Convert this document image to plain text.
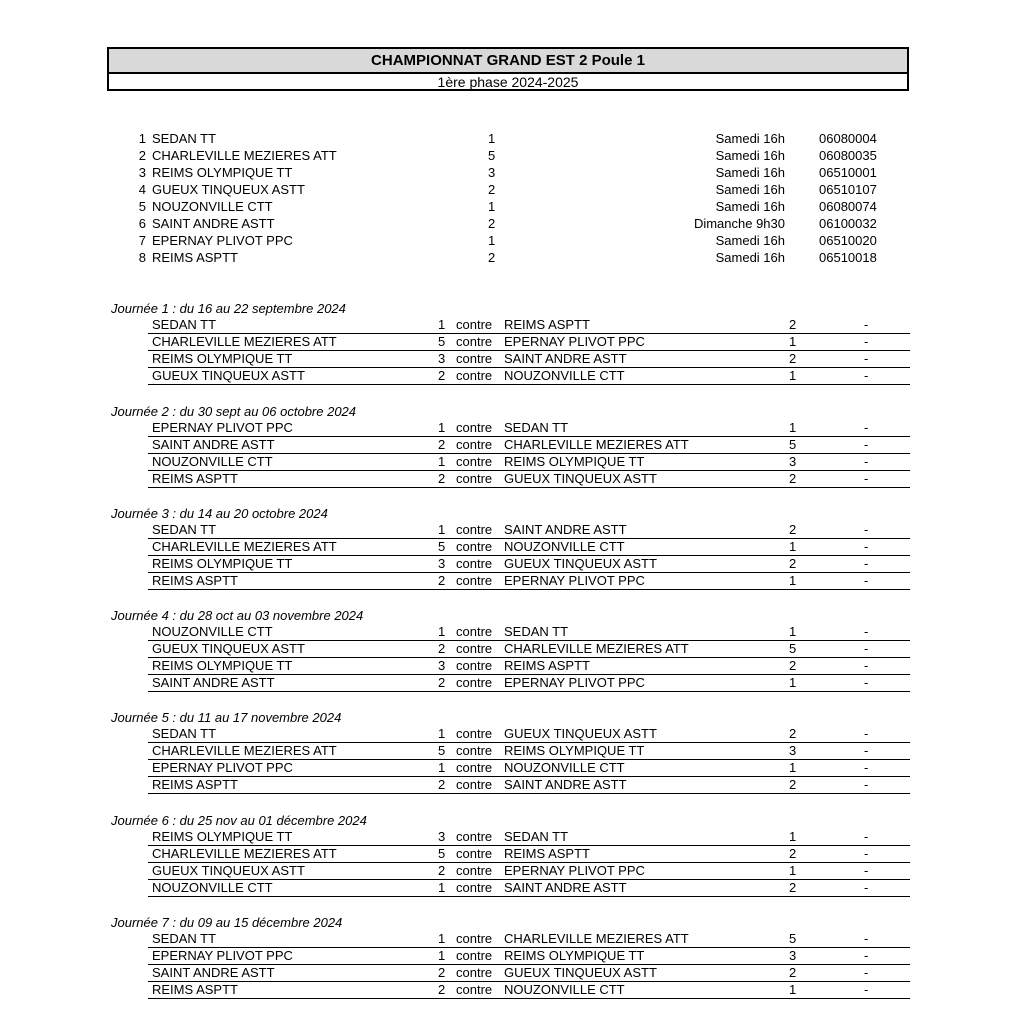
CHAMPIONNAT GRAND EST 2 Poule 1
1ère phase 2024-2025
1 SEDAN TT	1	Samedi 16h	06080004
2 CHARLEVILLE MEZIERES ATT	5	Samedi 16h	06080035
3 REIMS OLYMPIQUE TT	3	Samedi 16h	06510001
4 GUEUX TINQUEUX ASTT	2	Samedi 16h	06510107
5 NOUZONVILLE CTT	1	Samedi 16h	06080074
6 SAINT ANDRE ASTT	2	Dimanche 9h30	06100032
7 EPERNAY PLIVOT PPC	1	Samedi 16h	06510020
8 REIMS ASPTT	2	Samedi 16h	06510018
Journée 1 : du 16 au 22 septembre 2024
SEDAN TT	1 contre REIMS ASPTT	2	-
CHARLEVILLE MEZIERES ATT	5 contre EPERNAY PLIVOT PPC	1	-
REIMS OLYMPIQUE TT	3 contre SAINT ANDRE ASTT	2	-
GUEUX TINQUEUX ASTT	2 contre NOUZONVILLE CTT	1	-
Journée 2 : du 30 sept au 06 octobre 2024
EPERNAY PLIVOT PPC	1 contre SEDAN TT	1	-
SAINT ANDRE ASTT	2 contre CHARLEVILLE MEZIERES ATT	5	-
NOUZONVILLE CTT	1 contre REIMS OLYMPIQUE TT	3	-
REIMS ASPTT	2 contre GUEUX TINQUEUX ASTT	2	-
Journée 3 : du 14 au 20 octobre 2024
SEDAN TT	1 contre SAINT ANDRE ASTT	2	-
CHARLEVILLE MEZIERES ATT	5 contre NOUZONVILLE CTT	1	-
REIMS OLYMPIQUE TT	3 contre GUEUX TINQUEUX ASTT	2	-
REIMS ASPTT	2 contre EPERNAY PLIVOT PPC	1	-
Journée 4 : du 28 oct au 03 novembre 2024
NOUZONVILLE CTT	1 contre SEDAN TT	1	-
GUEUX TINQUEUX ASTT	2 contre CHARLEVILLE MEZIERES ATT	5	-
REIMS OLYMPIQUE TT	3 contre REIMS ASPTT	2	-
SAINT ANDRE ASTT	2 contre EPERNAY PLIVOT PPC	1	-
Journée 5 : du 11 au 17 novembre 2024
SEDAN TT	1 contre GUEUX TINQUEUX ASTT	2	-
CHARLEVILLE MEZIERES ATT	5 contre REIMS OLYMPIQUE TT	3	-
EPERNAY PLIVOT PPC	1 contre NOUZONVILLE CTT	1	-
REIMS ASPTT	2 contre SAINT ANDRE ASTT	2	-
Journée 6 : du 25 nov au 01 décembre 2024
REIMS OLYMPIQUE TT	3 contre SEDAN TT	1	-
CHARLEVILLE MEZIERES ATT	5 contre REIMS ASPTT	2	-
GUEUX TINQUEUX ASTT	2 contre EPERNAY PLIVOT PPC	1	-
NOUZONVILLE CTT	1 contre SAINT ANDRE ASTT	2	-
Journée 7 : du 09 au 15 décembre 2024
SEDAN TT	1 contre CHARLEVILLE MEZIERES ATT	5	-
EPERNAY PLIVOT PPC	1 contre REIMS OLYMPIQUE TT	3	-
SAINT ANDRE ASTT	2 contre GUEUX TINQUEUX ASTT	2	-
REIMS ASPTT	2 contre NOUZONVILLE CTT	1	-
